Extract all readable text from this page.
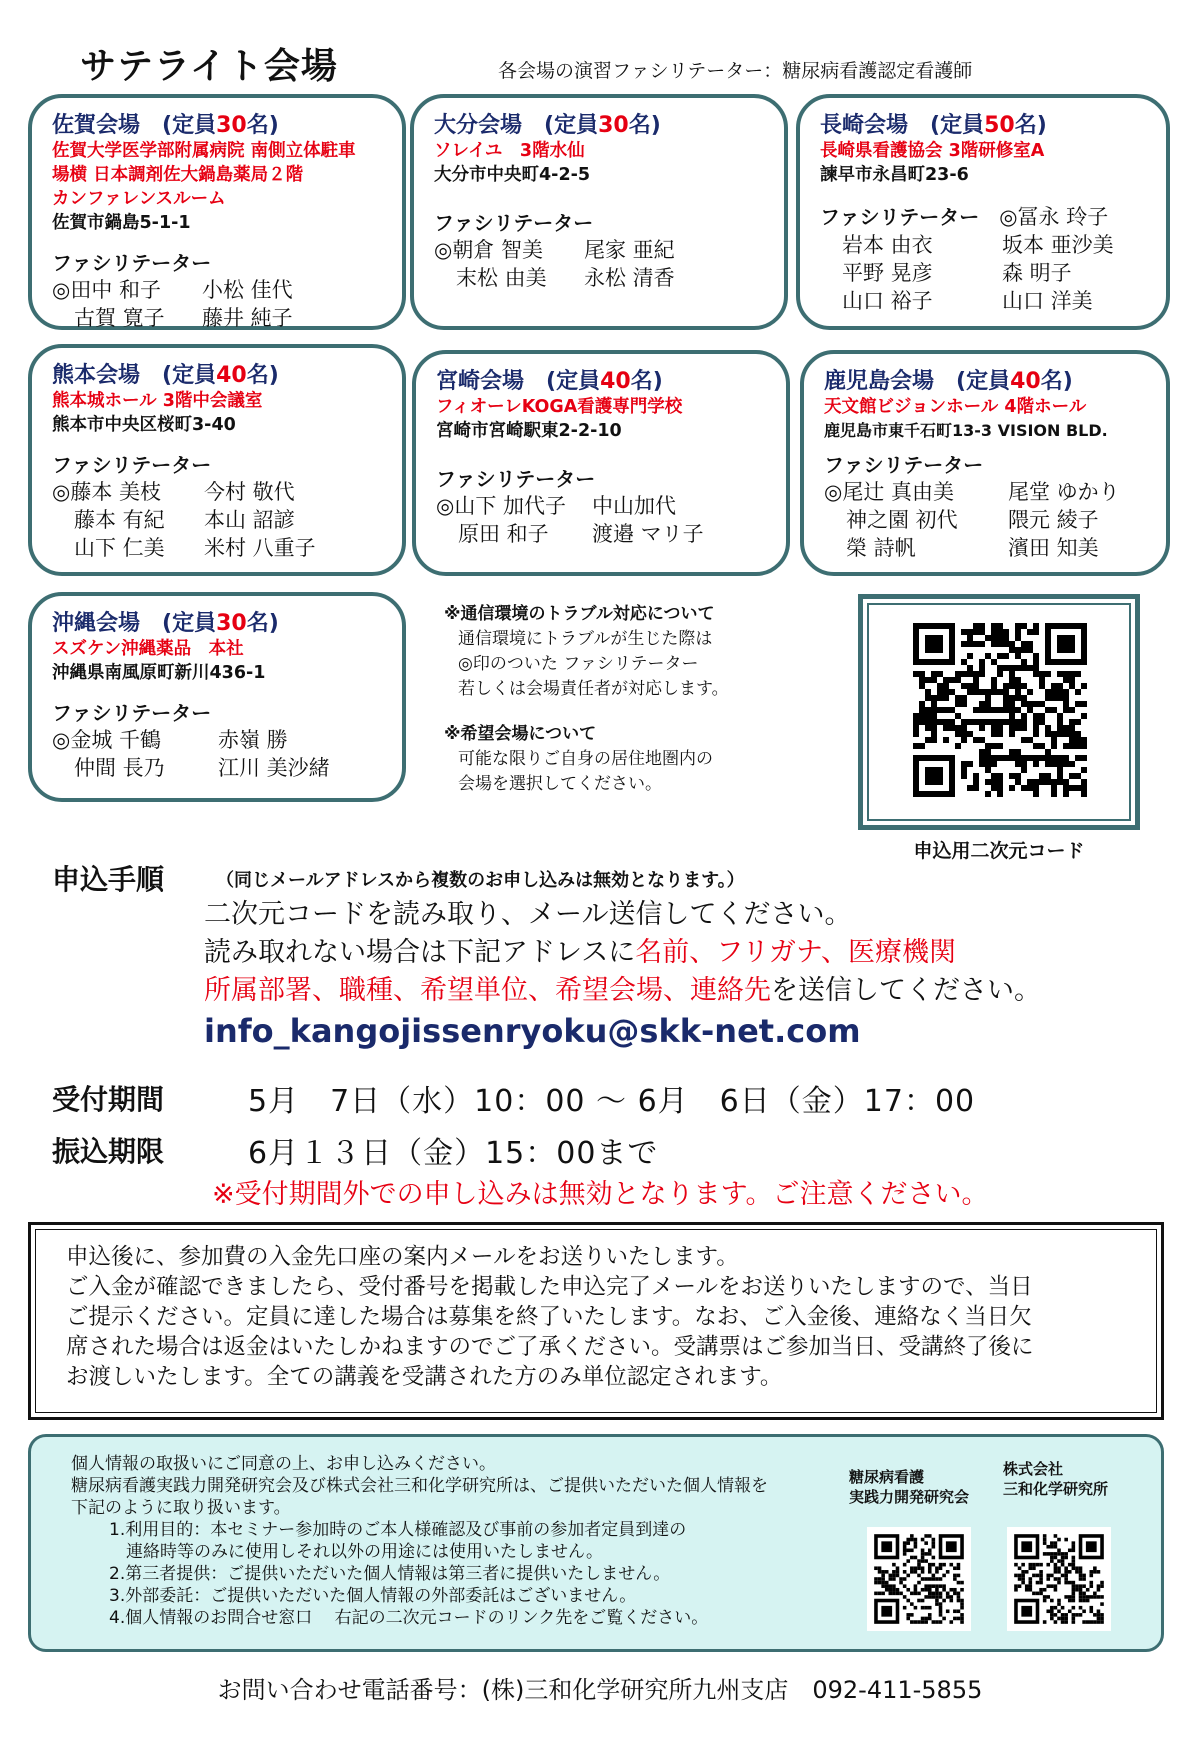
サテライト会場	各会場の演習ファシリテーター：糖尿病看護認定看護師
佐賀会場 (定員30名)
佐賀大学医学部附属病院 南側立体駐車
場横 日本調剤佐大鍋島薬局２階
カンファレンスルーム
佐賀市鍋島5-1-1
ファシリテーター
◎田中 和子	小松 佳代
古賀 寛子	藤井 純子
大分会場 (定員30名)
ソレイユ　3階水仙
大分市中央町4-2-5
ファシリテーター
◎朝倉 智美	尾家 亜紀
末松 由美	永松 清香
長崎会場 (定員50名)
長崎県看護協会 3階研修室A
諫早市永昌町23-6
ファシリテーター　 ◎冨永 玲子
岩本 由衣	坂本 亜沙美
平野 晃彦	森 明子
山口 裕子	山口 洋美
熊本会場 (定員40名)
熊本城ホール 3階中会議室
熊本市中央区桜町3-40
ファシリテーター
◎藤本 美枝	今村 敬代
藤本 有紀	本山 詔諺
山下 仁美	米村 八重子
宮崎会場 (定員40名)
フィオーレKOGA看護専門学校
宮崎市宮崎駅東2-2-10
ファシリテーター
◎山下 加代子	中山加代
原田 和子	渡邉 マリ子
鹿児島会場 (定員40名)
天文館ビジョンホール 4階ホール
鹿児島市東千石町13-3 VISION BLD.
ファシリテーター
◎尾辻 真由美	尾堂 ゆかり
神之園 初代	隈元 綾子
榮 詩帆	濱田 知美
沖縄会場 (定員30名)
スズケン沖縄薬品　本社
沖縄県南風原町新川436-1
ファシリテーター
◎金城 千鶴	赤嶺 勝
仲間 長乃	江川 美沙緒
※通信環境のトラブル対応について
通信環境にトラブルが生じた際は
◎印のついた ファシリテーター
若しくは会場責任者が対応します。
※希望会場について
可能な限りご自身の居住地圏内の
会場を選択してください。
申込用二次元コード
申込手順	（同じメールアドレスから複数のお申し込みは無効となります。）
二次元コードを読み取り、メール送信してください。
読み取れない場合は下記アドレスに名前、フリガナ、医療機関
所属部署、職種、希望単位、希望会場、連絡先を送信してください。
info_kangojissenryoku@skk-net.com
受付期間	5月　7日（水）10：00 ～ 6月　6日（金）17：00
振込期限	6月１３日（金）15：00まで
※受付期間外での申し込みは無効となります。ご注意ください。
申込後に、参加費の入金先口座の案内メールをお送りいたします。
ご入金が確認できましたら、受付番号を掲載した申込完了メールをお送りいたしますので、当日
ご提示ください。定員に達した場合は募集を終了いたします。なお、ご入金後、連絡なく当日欠
席された場合は返金はいたしかねますのでご了承ください。受講票はご参加当日、受講終了後に
お渡しいたします。全ての講義を受講された方のみ単位認定されます。
個人情報の取扱いにご同意の上、お申し込みください。
糖尿病看護実践力開発研究会及び株式会社三和化学研究所は、ご提供いただいた個人情報を
下記のように取り扱います。
1.利用目的：本セミナー参加時のご本人様確認及び事前の参加者定員到達の
　連絡時等のみに使用しそれ以外の用途には使用いたしません。
2.第三者提供：ご提供いただいた個人情報は第三者に提供いたしません。
3.外部委託：ご提供いただいた個人情報の外部委託はございません。
4.個人情報のお問合せ窓口　 右記の二次元コードのリンク先をご覧ください。
糖尿病看護
実践力開発研究会
株式会社
三和化学研究所
お問い合わせ電話番号：(株)三和化学研究所九州支店　092-411-5855
